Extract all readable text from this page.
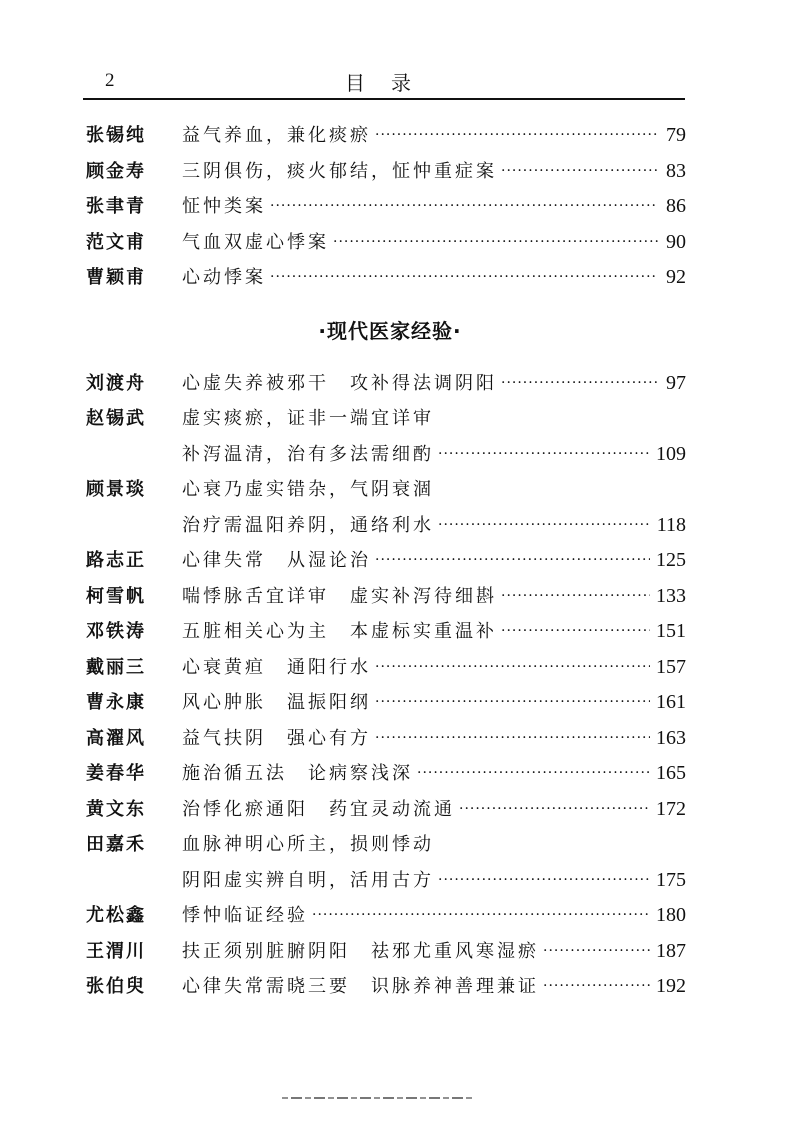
2	目录
张锡纯	益气养血，兼化痰瘀 ·····	79
顾金寿	三阴俱伤，痰火郁结，怔忡重症案 ·····	83
张聿青	怔忡类案 ·····	86
范文甫	气血双虚心悸案 ·····	90
曹颖甫	心动悸案 ·····	92
·现代医家经验·
刘渡舟	心虚失养被邪干　攻补得法调阴阳 ·····	97
赵锡武	虚实痰瘀，证非一端宜详审
补泻温清，治有多法需细酌 ·····	109
顾景琰	心衰乃虚实错杂，气阴衰涸
治疗需温阳养阴，通络利水 ·····	118
路志正	心律失常　从湿论治 ·····	125
柯雪帆	喘悸脉舌宜详审　虚实补泻待细斟 ·····	133
邓铁涛	五脏相关心为主　本虚标实重温补 ·····	151
戴丽三	心衰黄疸　通阳行水 ·····	157
曹永康	风心肿胀　温振阳纲 ·····	161
高濯风	益气扶阴　强心有方 ·····	163
姜春华	施治循五法　论病察浅深 ·····	165
黄文东	治悸化瘀通阳　药宜灵动流通 ·····	172
田嘉禾	血脉神明心所主，损则悸动
阴阳虚实辨自明，活用古方 ·····	175
尤松鑫	悸忡临证经验 ·····	180
王渭川	扶正须别脏腑阴阳　祛邪尤重风寒湿瘀 ·····	187
张伯臾	心律失常需晓三要　识脉养神善理兼证 ·····	192
